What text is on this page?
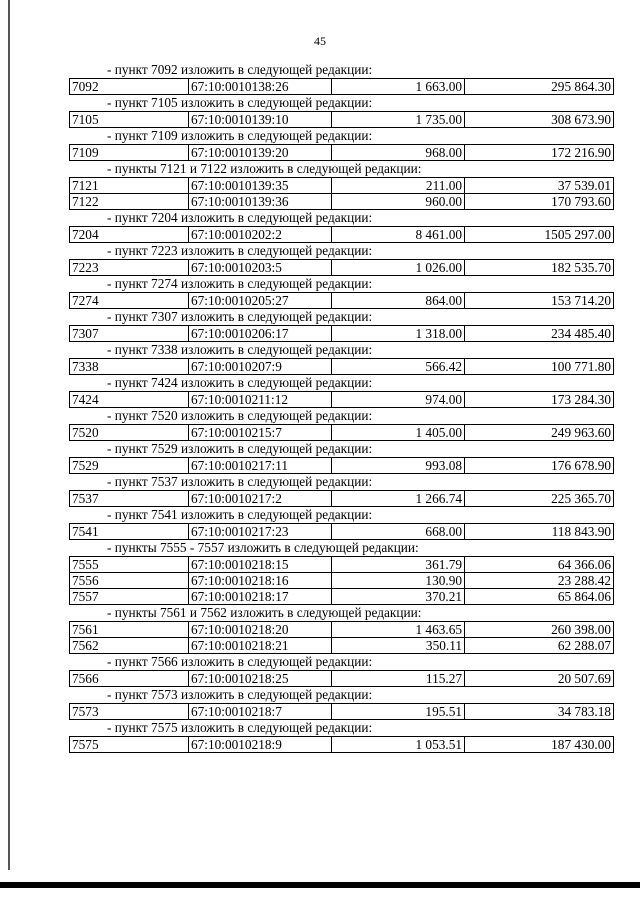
45
- пункт 7092 изложить в следующей редакции:
7092	67:10:0010138:26	1 663.00	295 864.30
- пункт 7105 изложить в следующей редакции:
7105	67:10:0010139:10	1 735.00	308 673.90
- пункт 7109 изложить в следующей редакции:
7109	67:10:0010139:20	968.00	172 216.90
- пункты 7121 и 7122 изложить в следующей редакции:
7121	67:10:0010139:35	211.00	37 539.01
7122	67:10:0010139:36	960.00	170 793.60
- пункт 7204 изложить в следующей редакции:
7204	67:10:0010202:2	8 461.00	1505 297.00
- пункт 7223 изложить в следующей редакции:
7223	67:10:0010203:5	1 026.00	182 535.70
- пункт 7274 изложить в следующей редакции:
7274	67:10:0010205:27	864.00	153 714.20
- пункт 7307 изложить в следующей редакции:
7307	67:10:0010206:17	1 318.00	234 485.40
- пункт 7338 изложить в следующей редакции:
7338	67:10:0010207:9	566.42	100 771.80
- пункт 7424 изложить в следующей редакции:
7424	67:10:0010211:12	974.00	173 284.30
- пункт 7520 изложить в следующей редакции:
7520	67:10:0010215:7	1 405.00	249 963.60
- пункт 7529 изложить в следующей редакции:
7529	67:10:0010217:11	993.08	176 678.90
- пункт 7537 изложить в следующей редакции:
7537	67:10:0010217:2	1 266.74	225 365.70
- пункт 7541 изложить в следующей редакции:
7541	67:10:0010217:23	668.00	118 843.90
- пункты 7555 - 7557 изложить в следующей редакции:
7555	67:10:0010218:15	361.79	64 366.06
7556	67:10:0010218:16	130.90	23 288.42
7557	67:10:0010218:17	370.21	65 864.06
- пункты 7561 и 7562 изложить в следующей редакции:
7561	67:10:0010218:20	1 463.65	260 398.00
7562	67:10:0010218:21	350.11	62 288.07
- пункт 7566 изложить в следующей редакции:
7566	67:10:0010218:25	115.27	20 507.69
- пункт 7573 изложить в следующей редакции:
7573	67:10:0010218:7	195.51	34 783.18
- пункт 7575 изложить в следующей редакции:
7575	67:10:0010218:9	1 053.51	187 430.00
